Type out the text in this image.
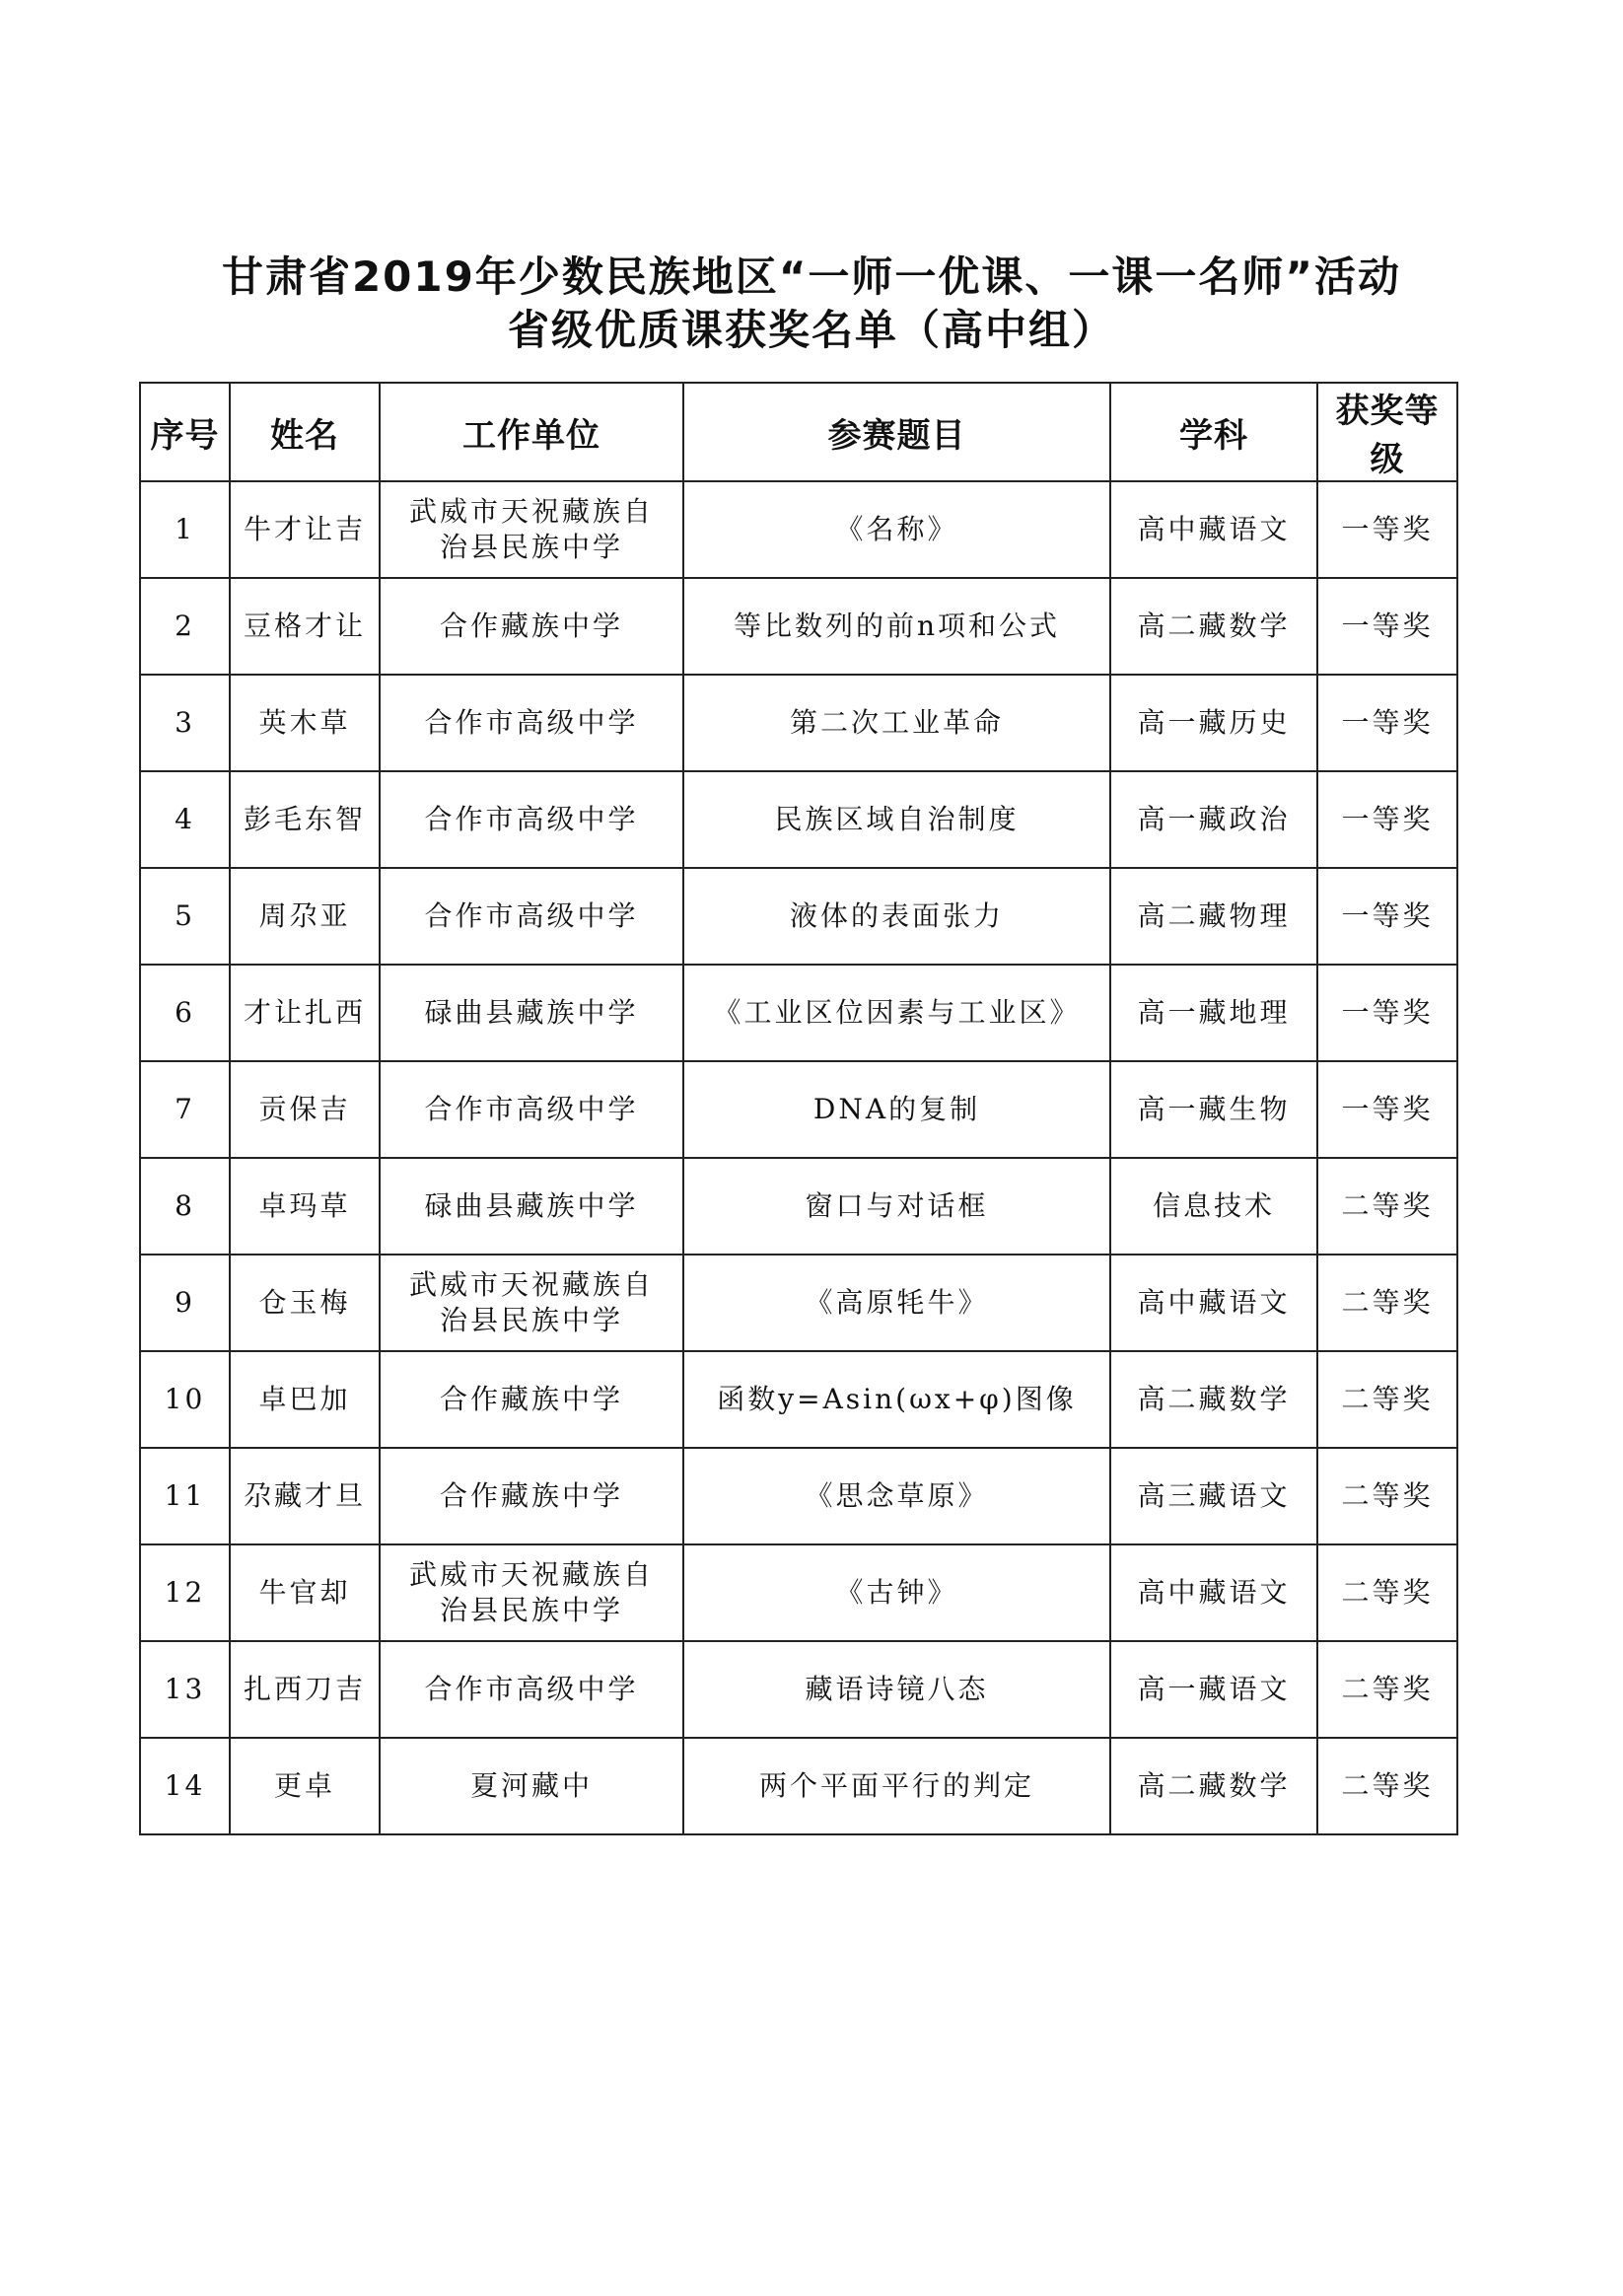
甘肃省2019年少数民族地区“一师一优课、一课一名师”活动
省级优质课获奖名单（高中组）
序号	姓名	工作单位	参赛题目	学科	获奖等级
1	牛才让吉	武威市天祝藏族自治县民族中学	《名称》	高中藏语文	一等奖
2	豆格才让	合作藏族中学	等比数列的前n项和公式	高二藏数学	一等奖
3	英木草	合作市高级中学	第二次工业革命	高一藏历史	一等奖
4	彭毛东智	合作市高级中学	民族区域自治制度	高一藏政治	一等奖
5	周尕亚	合作市高级中学	液体的表面张力	高二藏物理	一等奖
6	才让扎西	碌曲县藏族中学	《工业区位因素与工业区》	高一藏地理	一等奖
7	贡保吉	合作市高级中学	DNA的复制	高一藏生物	一等奖
8	卓玛草	碌曲县藏族中学	窗口与对话框	信息技术	二等奖
9	仓玉梅	武威市天祝藏族自治县民族中学	《高原牦牛》	高中藏语文	二等奖
10	卓巴加	合作藏族中学	函数y=Asin(ωx+φ)图像	高二藏数学	二等奖
11	尕藏才旦	合作藏族中学	《思念草原》	高三藏语文	二等奖
12	牛官却	武威市天祝藏族自治县民族中学	《古钟》	高中藏语文	二等奖
13	扎西刀吉	合作市高级中学	藏语诗镜八态	高一藏语文	二等奖
14	更卓	夏河藏中	两个平面平行的判定	高二藏数学	二等奖
